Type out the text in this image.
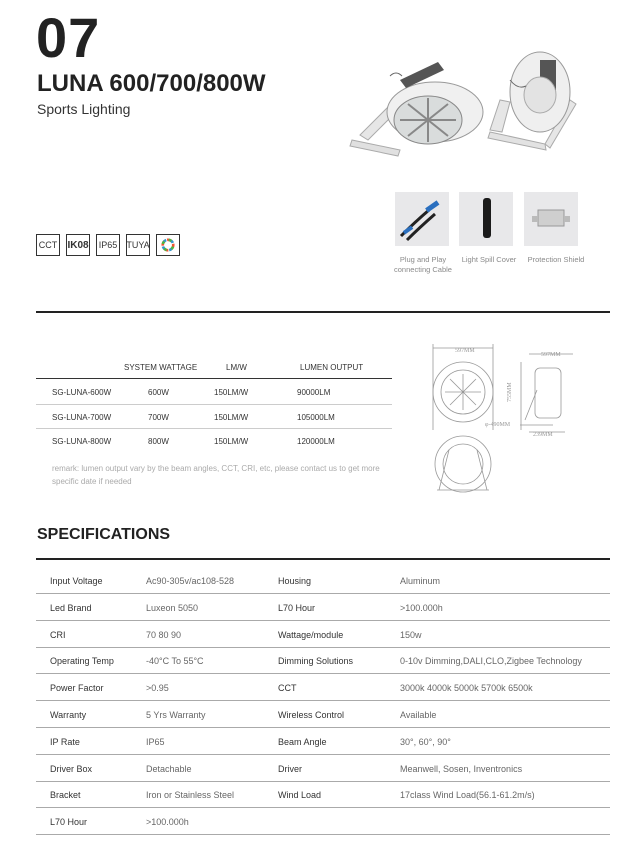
07
LUNA 600/700/800W
Sports Lighting
CCT IK08	IP65	TUYA
Plug and Play
connecting Cable
Light Spill Cover	Protection Shield
SYSTEM WATTAGE	LM/W	LUMEN OUTPUT
SG-LUNA-600W	600W	150LM/W	90000LM
SG-LUNA-700W	700W	150LM/W	105000LM
SG-LUNA-800W	800W	150LM/W	120000LM
remark: lumen output vary by the beam angles, CCT, CRI, etc, please contact us to get more
specific date if needed
597MM
597MM
755MM
φ-490MM
239MM
SPECIFICATIONS
Input Voltage	Ac90-305v/ac108-528	Housing	Aluminum
Led Brand	Luxeon 5050	L70 Hour	>100.000h
CRI	70 80 90	Wattage/module	150w
Operating Temp	-40°C To 55°C	Dimming Solutions	0-10v Dimming,DALI,CLO,Zigbee Technology
Power Factor	>0.95	CCT	3000k 4000k 5000k 5700k 6500k
Warranty	5 Yrs Warranty	Wireless Control	Available
IP Rate	IP65	Beam Angle	30°, 60°, 90°
Driver Box	Detachable	Driver	Meanwell, Sosen, Inventronics
Bracket	Iron or Stainless Steel	Wind Load	17class Wind Load(56.1-61.2m/s)
L70 Hour	>100.000h
